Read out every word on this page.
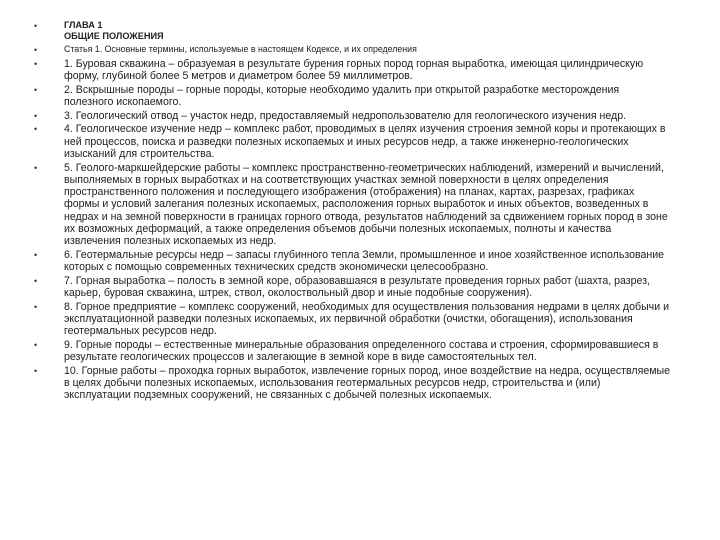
•	ГЛАВА 1
ОБЩИЕ ПОЛОЖЕНИЯ
•	Статья 1. Основные термины, используемые в настоящем Кодексе, и их определения
•	1. Буровая скважина – образуемая в результате бурения горных пород горная выработка, имеющая цилиндрическую форму, глубиной более 5 метров и диаметром более 59 миллиметров.
•	2. Вскрышные породы – горные породы, которые необходимо удалить при открытой разработке месторождения полезного ископаемого.
•	3. Геологический отвод – участок недр, предоставляемый недропользователю для геологического изучения недр.
•	4. Геологическое изучение недр – комплекс работ, проводимых в целях изучения строения земной коры и протекающих в ней процессов, поиска и разведки полезных ископаемых и иных ресурсов недр, а также инженерно-геологических изысканий для строительства.
•	5. Геолого-маркшейдерские работы – комплекс пространственно-геометрических наблюдений, измерений и вычислений, выполняемых в горных выработках и на соответствующих участках земной поверхности в целях определения пространственного положения и последующего изображения (отображения) на планах, картах, разрезах, графиках формы и условий залегания полезных ископаемых, расположения горных выработок и иных объектов, возведенных в недрах и на земной поверхности в границах горного отвода, результатов наблюдений за сдвижением горных пород в зоне их возможных деформаций, а также определения объемов добычи полезных ископаемых, полноты и качества извлечения полезных ископаемых из недр.
•	6. Геотермальные ресурсы недр – запасы глубинного тепла Земли, промышленное и иное хозяйственное использование которых с помощью современных технических средств экономически целесообразно.
•	7. Горная выработка – полость в земной коре, образовавшаяся в результате проведения горных работ (шахта, разрез, карьер, буровая скважина, штрек, ствол, околоствольный двор и иные подобные сооружения).
•	8. Горное предприятие – комплекс сооружений, необходимых для осуществления пользования недрами в целях добычи и эксплуатационной разведки полезных ископаемых, их первичной обработки (очистки, обогащения), использования геотермальных ресурсов недр.
•	9. Горные породы – естественные минеральные образования определенного состава и строения, сформировавшиеся в результате геологических процессов и залегающие в земной коре в виде самостоятельных тел.
•	10. Горные работы – проходка горных выработок, извлечение горных пород, иное воздействие на недра, осуществляемые в целях добычи полезных ископаемых, использования геотермальных ресурсов недр, строительства и (или) эксплуатации подземных сооружений, не связанных с добычей полезных ископаемых.
